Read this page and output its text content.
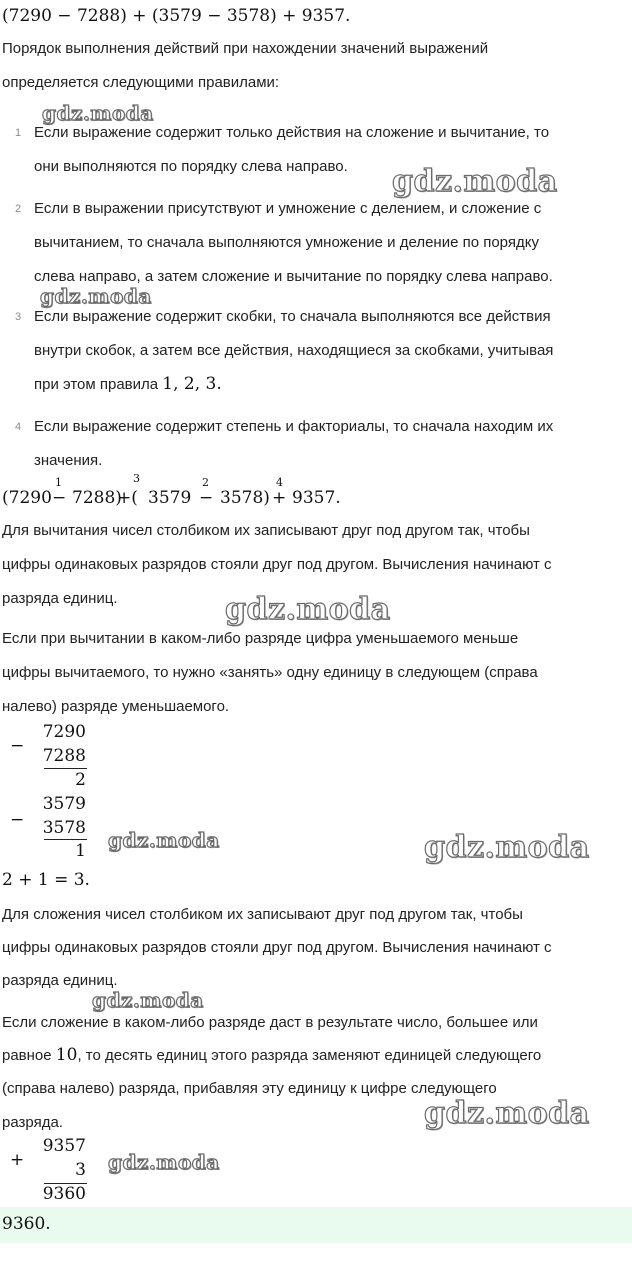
(7290 − 7288) + (3579 − 3578) + 9357.
Порядок выполнения действий при нахождении значений выражений
определяется следующими правилами:
1 Если выражение содержит только действия на сложение и вычитание, то
они выполняются по порядку слева направо.
2 Если в выражении присутствуют и умножение с делением, и сложение с
вычитанием, то сначала выполняются умножение и деление по порядку
слева направо, а затем сложение и вычитание по порядку слева направо.
3 Если выражение содержит скобки, то сначала выполняются все действия
внутри скобок, а затем все действия, находящиеся за скобками, учитывая
при этом правила 1, 2, 3.
4 Если выражение содержит степень и факториалы, то сначала находим их
значения.
(7290
1
− 7288)
3
+( 3579
2
− 3578)
4
+ 9357.
Для вычитания чисел столбиком их записывают друг под другом так, чтобы
цифры одинаковых разрядов стояли друг под другом. Вычисления начинают с
разряда единиц.
Если при вычитании в каком-либо разряде цифра уменьшаемого меньше
цифры вычитаемого, то нужно «занять» одну единицу в следующем (справа
налево) разряде уменьшаемого.
−
7290
7288
2
−
3579
3578
1
2 + 1 = 3.
Для сложения чисел столбиком их записывают друг под другом так, чтобы
цифры одинаковых разрядов стояли друг под другом. Вычисления начинают с
разряда единиц.
Если сложение в каком-либо разряде даст в результате число, большее или
равное 10, то десять единиц этого разряда заменяют единицей следующего
(справа налево) разряда, прибавляя эту единицу к цифре следующего
разряда.
+
9357
3
9360
9360.
gdz.moda
gdz.moda
gdz.moda
gdz.moda
gdz.moda	gdz.moda
gdz.moda
gdz.moda
gdz.moda
